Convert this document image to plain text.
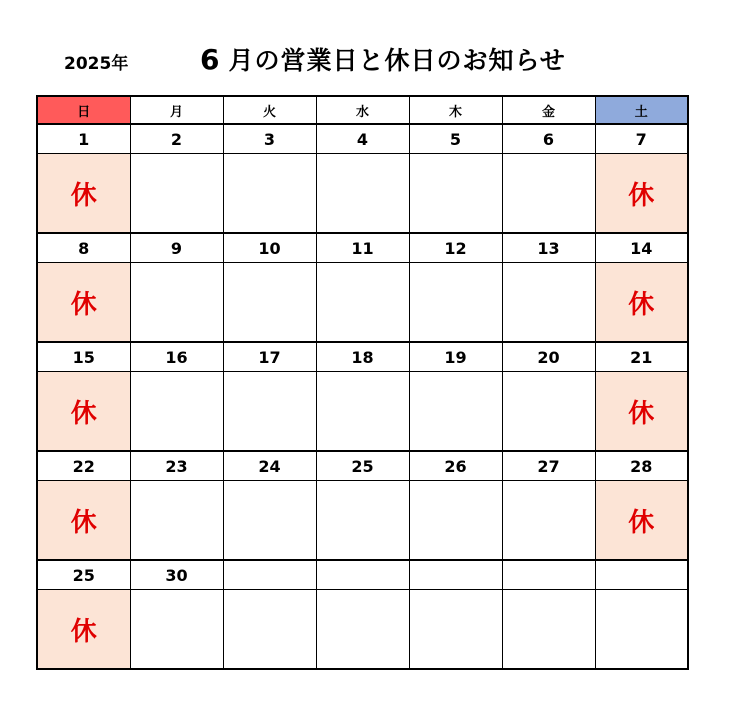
2025年	6 月の営業日と休日のお知らせ
日	月	火	水	木	金	土
1	2	3	4	5	6	7
休						休
8	9	10	11	12	13	14
休						休
15	16	17	18	19	20	21
休						休
22	23	24	25	26	27	28
休						休
25	30					
休						
